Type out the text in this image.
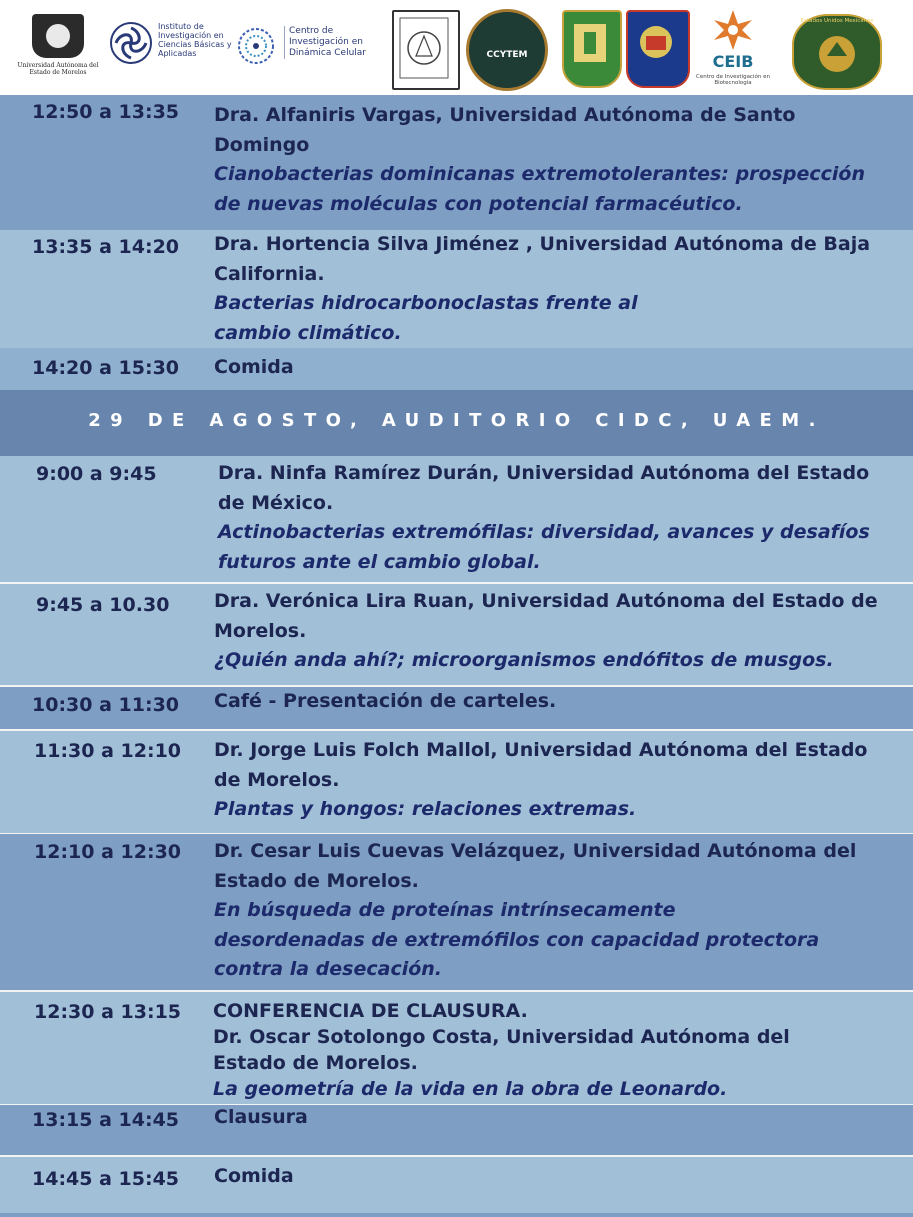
Universidad Autónoma del Estado de Morelos
Instituto de Investigación en Ciencias Básicas y Aplicadas
Centro de Investigación en Dinámica Celular	CCYTEM	CEIB
Centro de Investigación en Biotecnología
Estados Unidos Mexicanos
12:50 a 13:35 Dra. Alfaniris Vargas, Universidad Autónoma de Santo Domingo
Cianobacterias dominicanas extremotolerantes: prospección de nuevas moléculas con potencial farmacéutico.
13:35 a 14:20 Dra. Hortencia Silva Jiménez , Universidad Autónoma de Baja California.
Bacterias hidrocarbonoclastas frente al cambio climático.
14:20 a 15:30 Comida
29 DE AGOSTO, AUDITORIO CIDC, UAEM.
9:00 a 9:45	Dra. Ninfa Ramírez Durán, Universidad Autónoma del Estado de México.
Actinobacterias extremófilas: diversidad, avances y desafíos futuros ante el cambio global.
9:45 a 10.30 Dra. Verónica Lira Ruan, Universidad Autónoma del Estado de Morelos.
¿Quién anda ahí?; microorganismos endófitos de musgos.
10:30 a 11:30 Café - Presentación de carteles.
11:30 a 12:10 Dr. Jorge Luis Folch Mallol, Universidad Autónoma del Estado de Morelos.
Plantas y hongos: relaciones extremas.
12:10 a 12:30 Dr. Cesar Luis Cuevas Velázquez, Universidad Autónoma del Estado de Morelos.
En búsqueda de proteínas intrínsecamente desordenadas de extremófilos con capacidad protectora contra la desecación.
12:30 a 13:15 CONFERENCIA DE CLAUSURA.
Dr. Oscar Sotolongo Costa, Universidad Autónoma del Estado de Morelos.
La geometría de la vida en la obra de Leonardo.
13:15 a 14:45 Clausura
14:45 a 15:45 Comida
